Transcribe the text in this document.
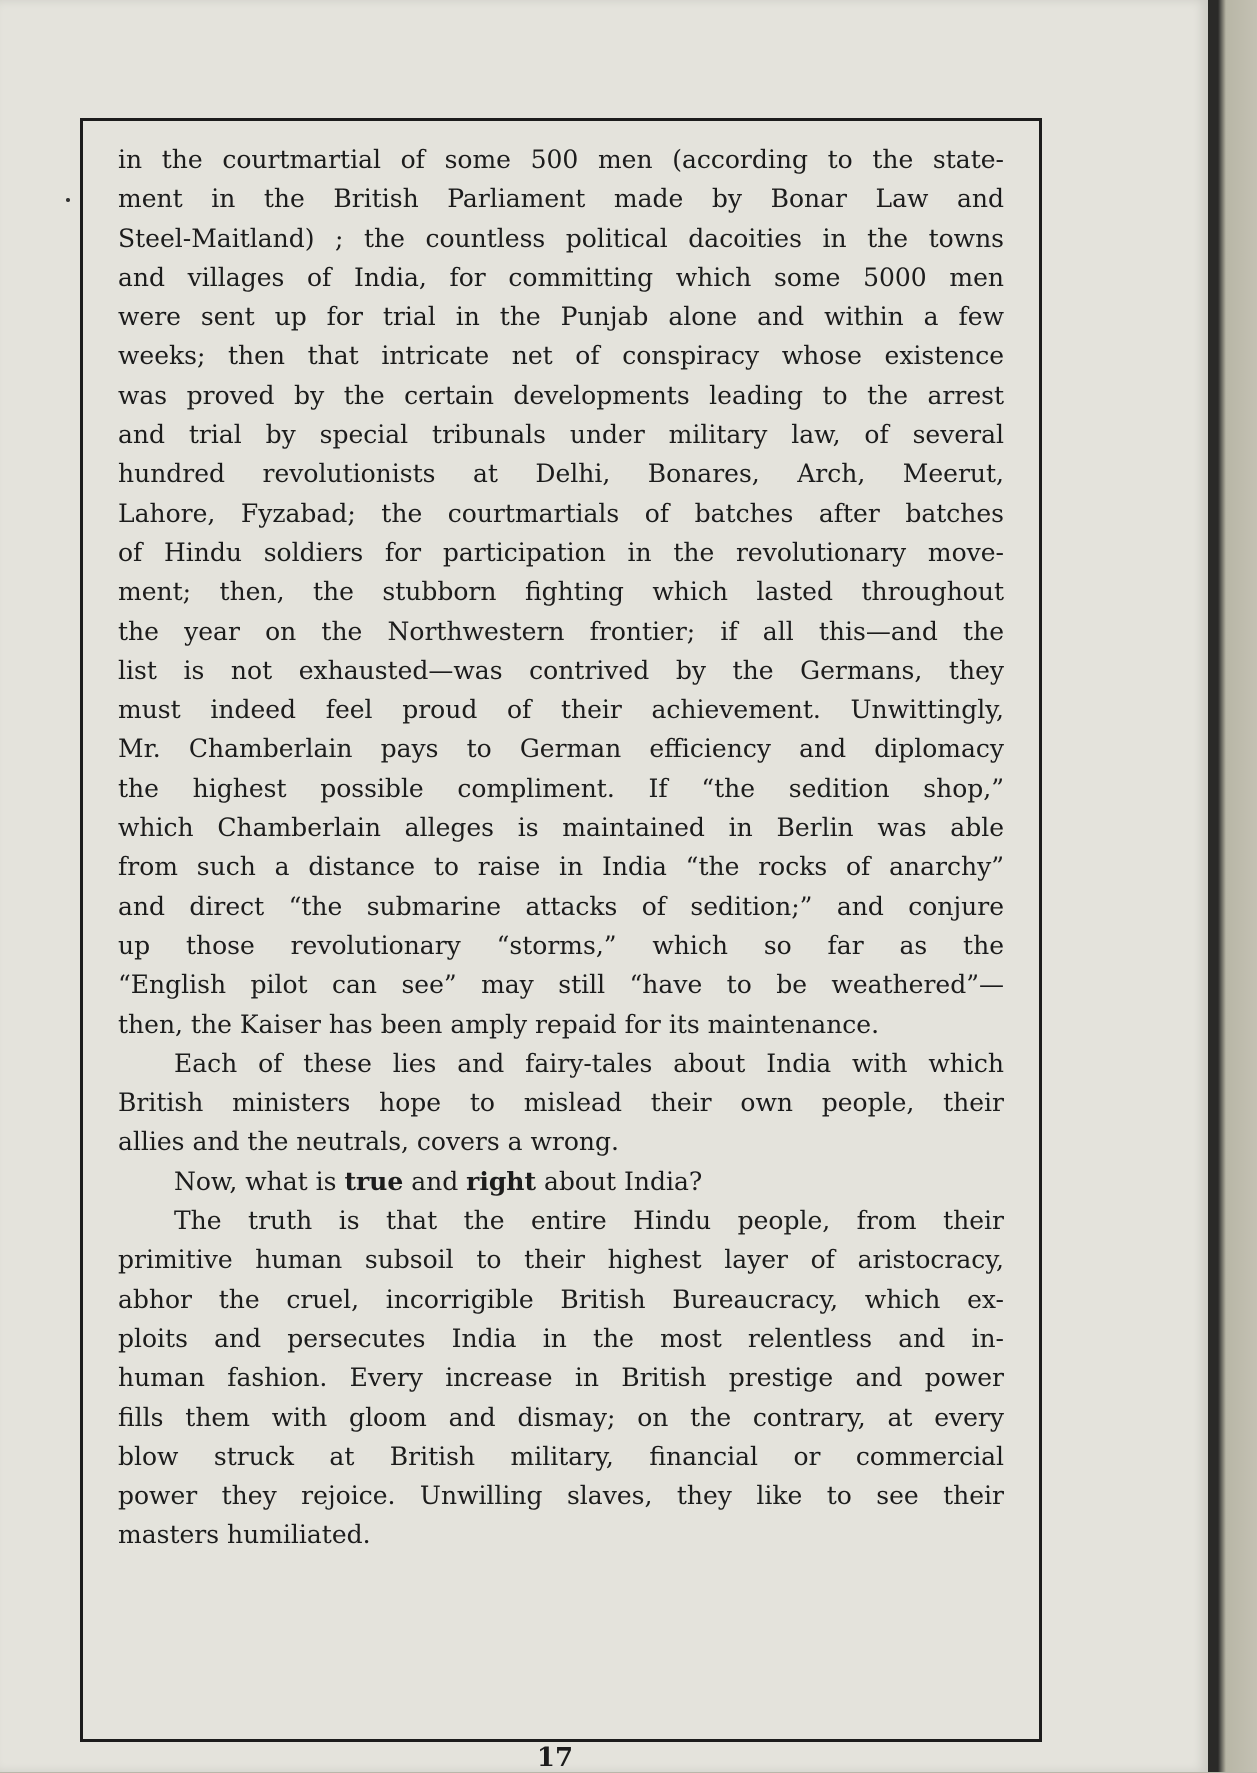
in the courtmartial of some 500 men (according to the state-
ment in the British Parliament made by Bonar Law and
Steel-Maitland) ; the countless political dacoities in the towns
and villages of India, for committing which some 5000 men
were sent up for trial in the Punjab alone and within a few
weeks; then that intricate net of conspiracy whose existence
was proved by the certain developments leading to the arrest
and trial by special tribunals under military law, of several
hundred revolutionists at Delhi, Bonares, Arch, Meerut,
Lahore, Fyzabad; the courtmartials of batches after batches
of Hindu soldiers for participation in the revolutionary move-
ment; then, the stubborn fighting which lasted throughout
the year on the Northwestern frontier; if all this—and the
list is not exhausted—was contrived by the Germans, they
must indeed feel proud of their achievement. Unwittingly,
Mr. Chamberlain pays to German efficiency and diplomacy
the highest possible compliment. If “the sedition shop,”
which Chamberlain alleges is maintained in Berlin was able
from such a distance to raise in India “the rocks of anarchy”
and direct “the submarine attacks of sedition;” and conjure
up those revolutionary “storms,” which so far as the
“English pilot can see” may still “have to be weathered”—
then, the Kaiser has been amply repaid for its maintenance.
Each of these lies and fairy-tales about India with which
British ministers hope to mislead their own people, their
allies and the neutrals, covers a wrong.
Now, what is true and right about India?
The truth is that the entire Hindu people, from their
primitive human subsoil to their highest layer of aristocracy,
abhor the cruel, incorrigible British Bureaucracy, which ex-
ploits and persecutes India in the most relentless and in-
human fashion. Every increase in British prestige and power
fills them with gloom and dismay; on the contrary, at every
blow struck at British military, financial or commercial
power they rejoice. Unwilling slaves, they like to see their
masters humiliated.
17
